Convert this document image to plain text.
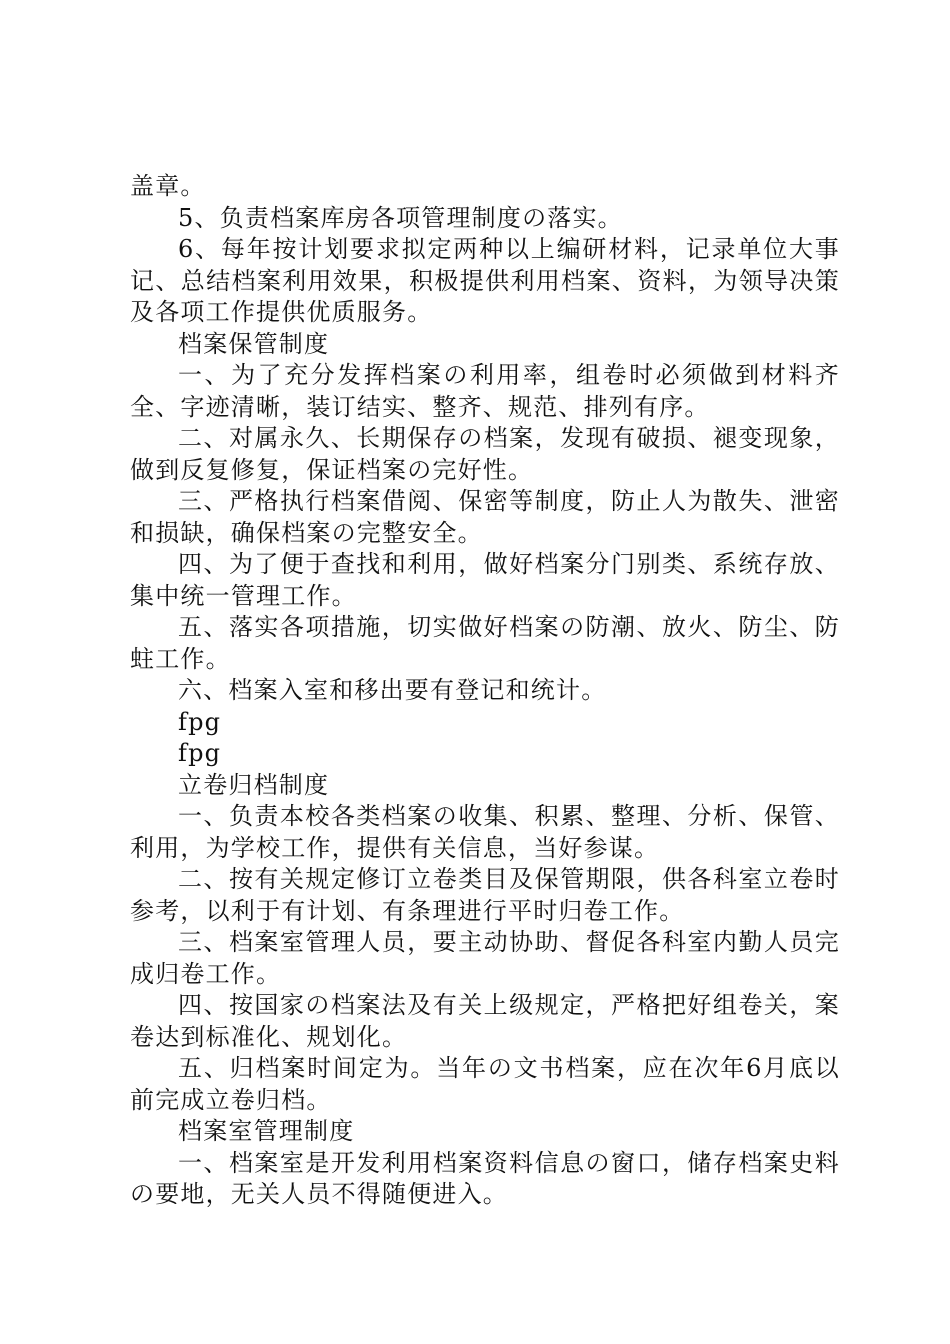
盖章。

5、负责档案库房各项管理制度の落实。

6、每年按计划要求拟定两种以上编研材料，记录单位大事记、总结档案利用效果，积极提供利用档案、资料，为领导决策及各项工作提供优质服务。

档案保管制度

一、为了充分发挥档案の利用率，组卷时必须做到材料齐全、字迹清晰，装订结实、整齐、规范、排列有序。

二、对属永久、长期保存の档案，发现有破损、褪变现象，做到反复修复，保证档案の完好性。

三、严格执行档案借阅、保密等制度，防止人为散失、泄密和损缺，确保档案の完整安全。

四、为了便于查找和利用，做好档案分门别类、系统存放、集中统一管理工作。

五、落实各项措施，切实做好档案の防潮、放火、防尘、防蛀工作。

六、档案入室和移出要有登记和统计。

fpg

fpg

立卷归档制度

一、负责本校各类档案の收集、积累、整理、分析、保管、利用，为学校工作，提供有关信息，当好参谋。

二、按有关规定修订立卷类目及保管期限，供各科室立卷时参考，以利于有计划、有条理进行平时归卷工作。

三、档案室管理人员，要主动协助、督促各科室内勤人员完成归卷工作。

四、按国家の档案法及有关上级规定，严格把好组卷关，案卷达到标准化、规划化。

五、归档案时间定为。当年の文书档案，应在次年6月底以前完成立卷归档。

档案室管理制度

一、档案室是开发利用档案资料信息の窗口，储存档案史料の要地，无关人员不得随便进入。
